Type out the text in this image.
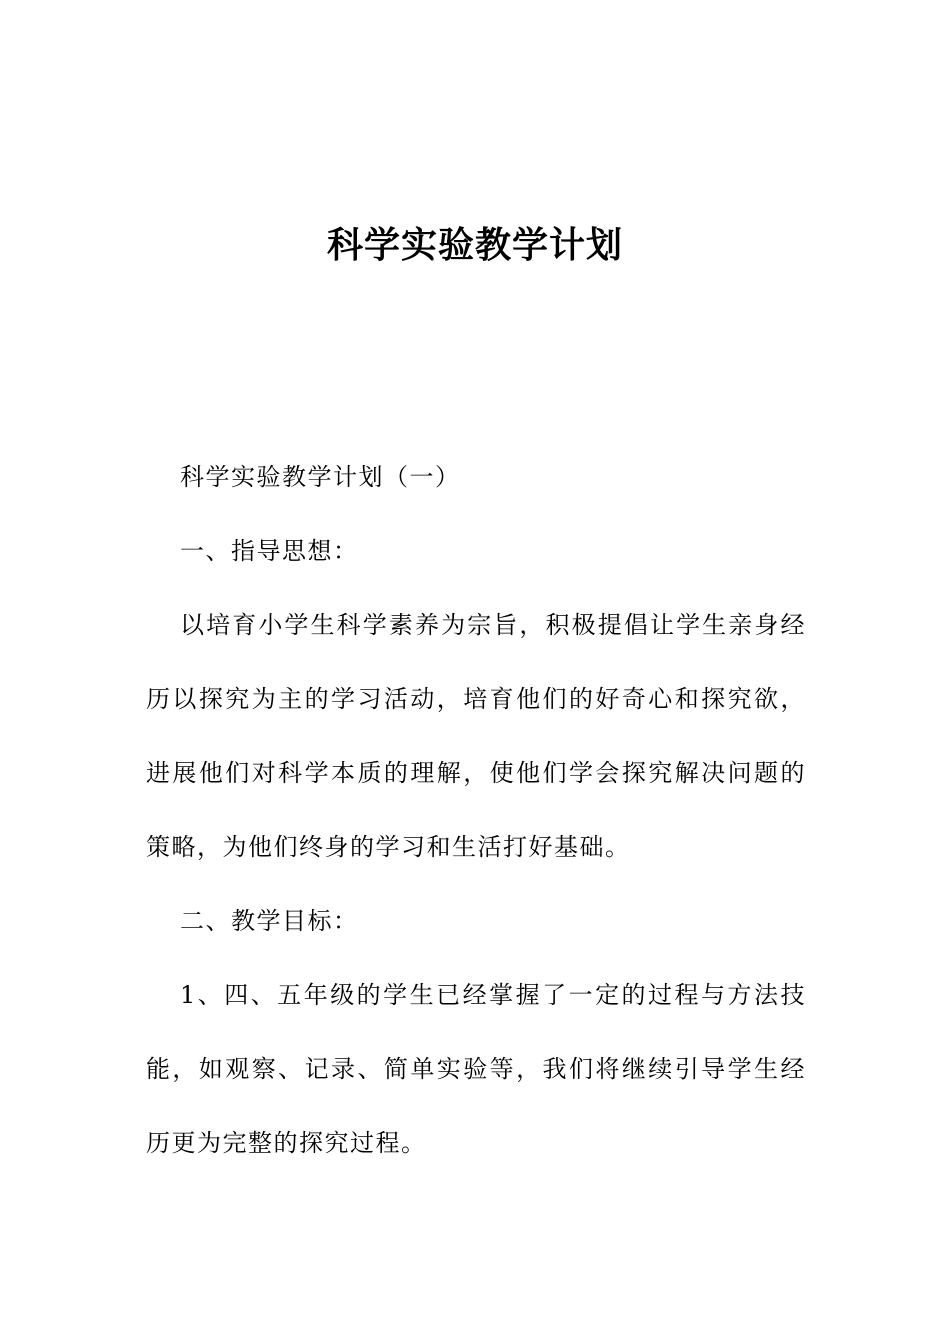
科学实验教学计划

科学实验教学计划（一）

一、指导思想：

以培育小学生科学素养为宗旨，积极提倡让学生亲身经历以探究为主的学习活动，培育他们的好奇心和探究欲，进展他们对科学本质的理解，使他们学会探究解决问题的策略，为他们终身的学习和生活打好基础。

二、教学目标：

1、四、五年级的学生已经掌握了一定的过程与方法技能，如观察、记录、简单实验等，我们将继续引导学生经历更为完整的探究过程。
